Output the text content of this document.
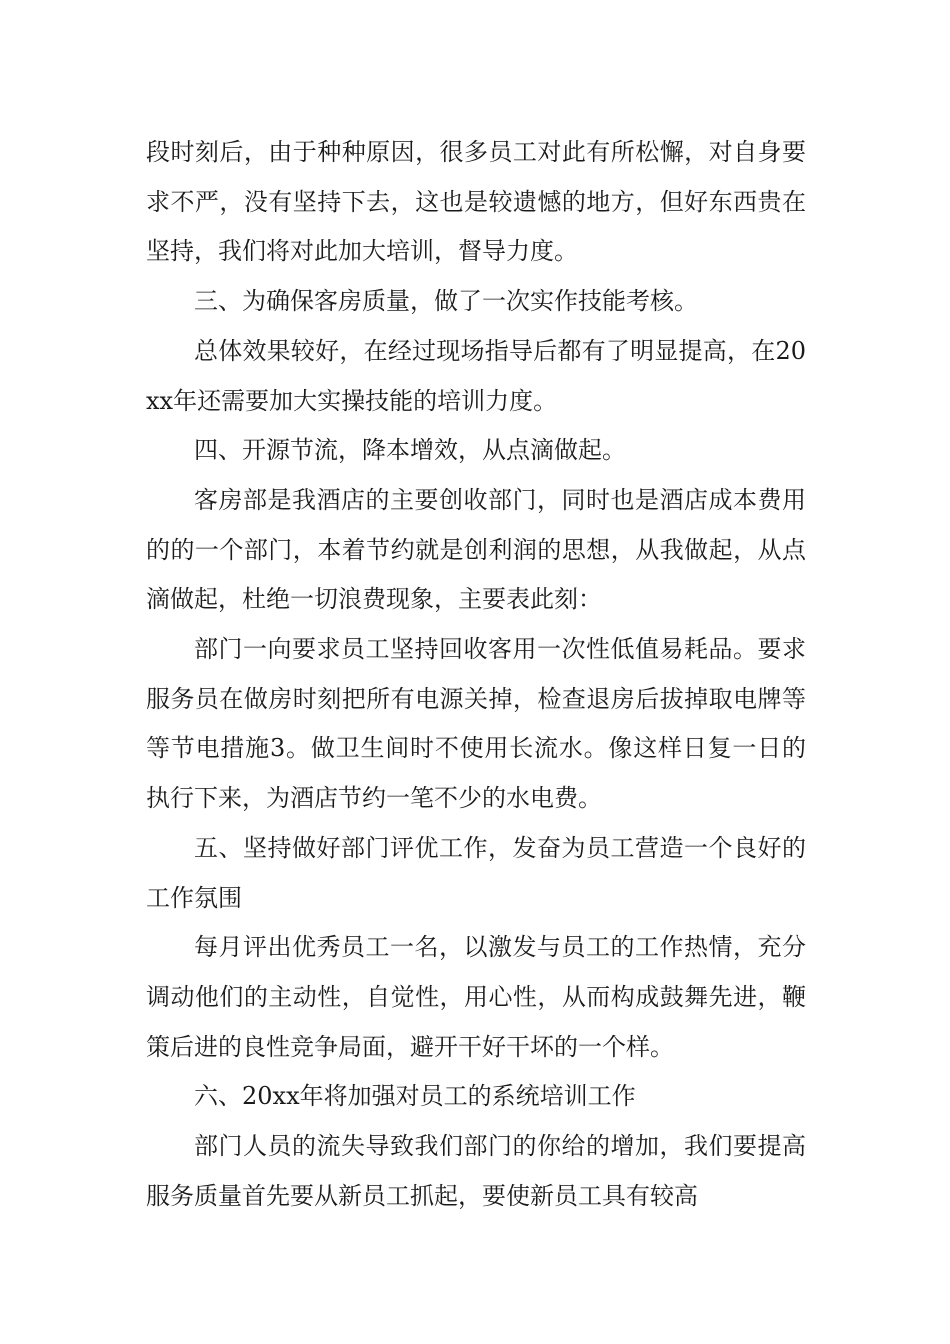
段时刻后，由于种种原因，很多员工对此有所松懈，对自身要求不严，没有坚持下去，这也是较遗憾的地方，但好东西贵在坚持，我们将对此加大培训，督导力度。

三、为确保客房质量，做了一次实作技能考核。

总体效果较好，在经过现场指导后都有了明显提高，在20xx年还需要加大实操技能的培训力度。

四、开源节流，降本增效，从点滴做起。

客房部是我酒店的主要创收部门，同时也是酒店成本费用的的一个部门，本着节约就是创利润的思想，从我做起，从点滴做起，杜绝一切浪费现象，主要表此刻：

部门一向要求员工坚持回收客用一次性低值易耗品。要求服务员在做房时刻把所有电源关掉，检查退房后拔掉取电牌等等节电措施3。做卫生间时不使用长流水。像这样日复一日的执行下来，为酒店节约一笔不少的水电费。

五、坚持做好部门评优工作，发奋为员工营造一个良好的工作氛围

每月评出优秀员工一名，以激发与员工的工作热情，充分调动他们的主动性，自觉性，用心性，从而构成鼓舞先进，鞭策后进的良性竞争局面，避开干好干坏的一个样。

六、20xx年将加强对员工的系统培训工作

部门人员的流失导致我们部门的你给的增加，我们要提高服务质量首先要从新员工抓起，要使新员工具有较高
